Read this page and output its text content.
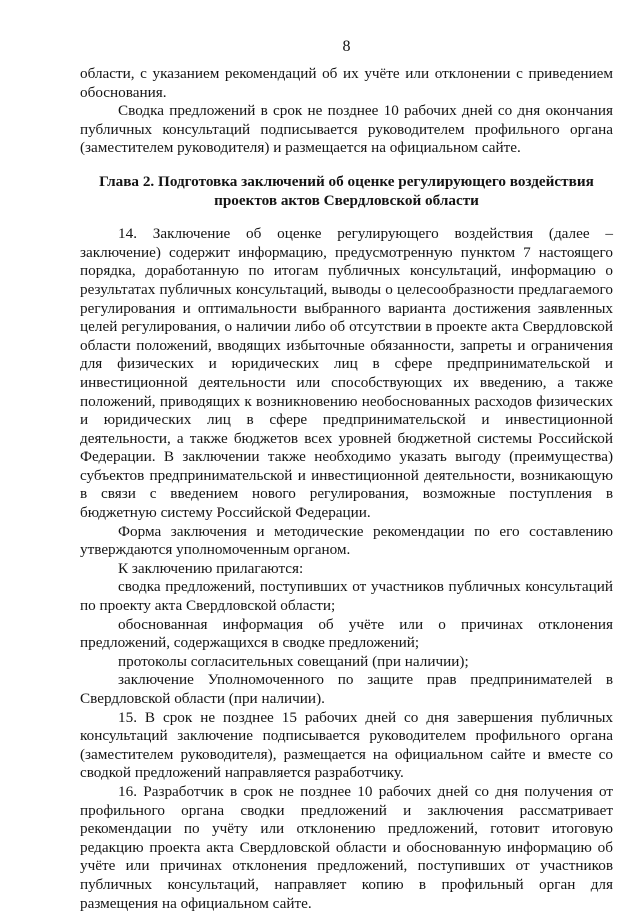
8

области, с указанием рекомендаций об их учёте или отклонении с приведением обоснования.

Сводка предложений в срок не позднее 10 рабочих дней со дня окончания публичных консультаций подписывается руководителем профильного органа (заместителем руководителя) и размещается на официальном сайте.

Глава 2. Подготовка заключений об оценке регулирующего воздействия проектов актов Свердловской области

14. Заключение об оценке регулирующего воздействия (далее – заключение) содержит информацию, предусмотренную пунктом 7 настоящего порядка, доработанную по итогам публичных консультаций, информацию о результатах публичных консультаций, выводы о целесообразности предлагаемого регулирования и оптимальности выбранного варианта достижения заявленных целей регулирования, о наличии либо об отсутствии в проекте акта Свердловской области положений, вводящих избыточные обязанности, запреты и ограничения для физических и юридических лиц в сфере предпринимательской и инвестиционной деятельности или способствующих их введению, а также положений, приводящих к возникновению необоснованных расходов физических и юридических лиц в сфере предпринимательской и инвестиционной деятельности, а также бюджетов всех уровней бюджетной системы Российской Федерации. В заключении также необходимо указать выгоду (преимущества) субъектов предпринимательской и инвестиционной деятельности, возникающую в связи с введением нового регулирования, возможные поступления в бюджетную систему Российской Федерации.

Форма заключения и методические рекомендации по его составлению утверждаются уполномоченным органом.

К заключению прилагаются:

сводка предложений, поступивших от участников публичных консультаций по проекту акта Свердловской области;

обоснованная информация об учёте или о причинах отклонения предложений, содержащихся в сводке предложений;

протоколы согласительных совещаний (при наличии);

заключение Уполномоченного по защите прав предпринимателей в Свердловской области (при наличии).

15. В срок не позднее 15 рабочих дней со дня завершения публичных консультаций заключение подписывается руководителем профильного органа (заместителем руководителя), размещается на официальном сайте и вместе со сводкой предложений направляется разработчику.

16. Разработчик в срок не позднее 10 рабочих дней со дня получения от профильного органа сводки предложений и заключения рассматривает рекомендации по учёту или отклонению предложений, готовит итоговую редакцию проекта акта Свердловской области и обоснованную информацию об учёте или причинах отклонения предложений, поступивших от участников публичных консультаций, направляет копию в профильный орган для размещения на официальном сайте.
